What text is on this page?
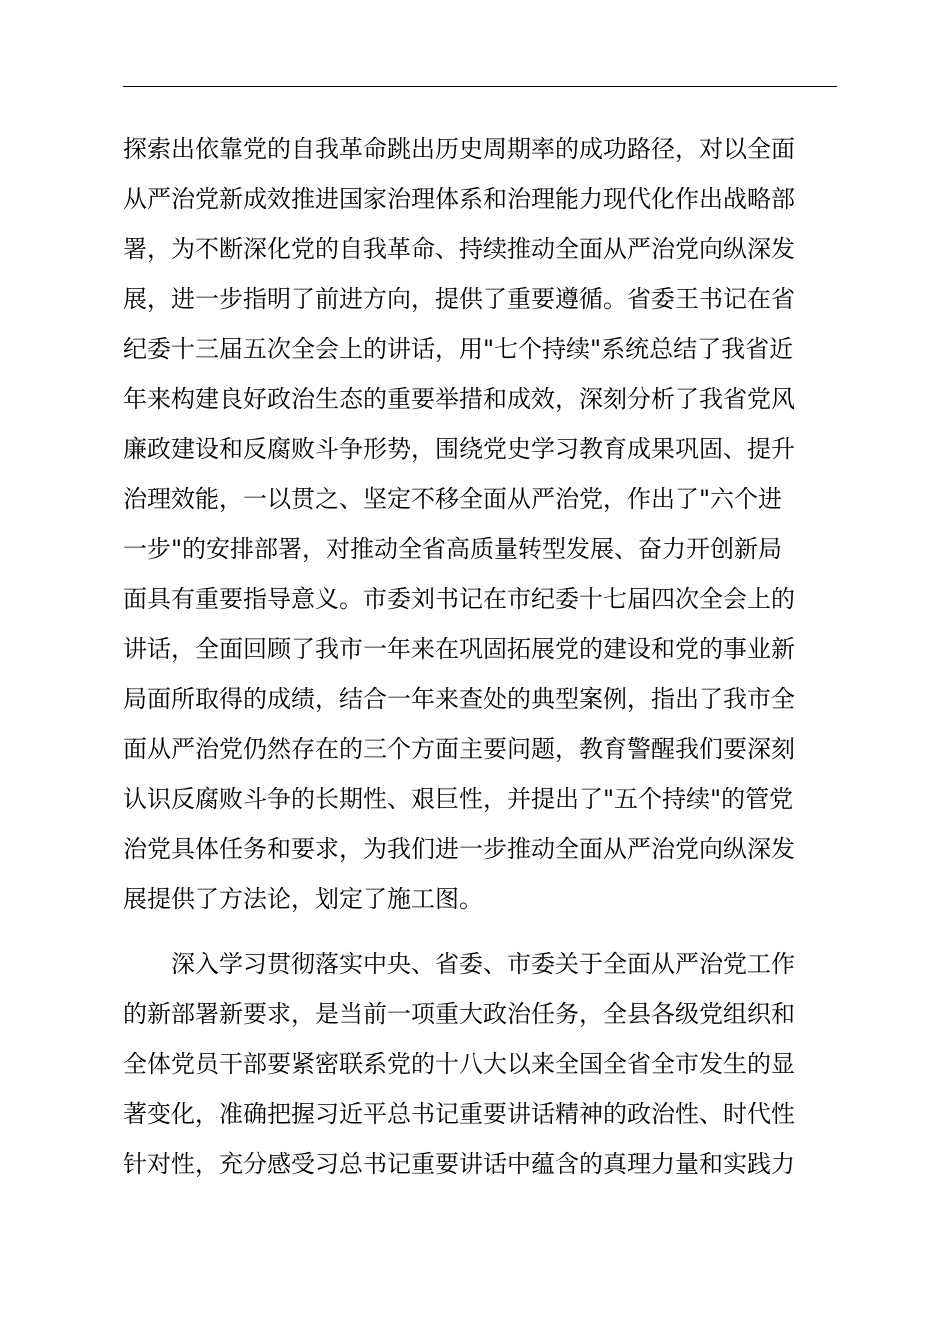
探索出依靠党的自我革命跳出历史周期率的成功路径，对以全面
从严治党新成效推进国家治理体系和治理能力现代化作出战略部
署，为不断深化党的自我革命、持续推动全面从严治党向纵深发
展，进一步指明了前进方向，提供了重要遵循。省委王书记在省
纪委十三届五次全会上的讲话，用"七个持续"系统总结了我省近
年来构建良好政治生态的重要举措和成效，深刻分析了我省党风
廉政建设和反腐败斗争形势，围绕党史学习教育成果巩固、提升
治理效能，一以贯之、坚定不移全面从严治党，作出了"六个进
一步"的安排部署，对推动全省高质量转型发展、奋力开创新局
面具有重要指导意义。市委刘书记在市纪委十七届四次全会上的
讲话，全面回顾了我市一年来在巩固拓展党的建设和党的事业新
局面所取得的成绩，结合一年来查处的典型案例，指出了我市全
面从严治党仍然存在的三个方面主要问题，教育警醒我们要深刻
认识反腐败斗争的长期性、艰巨性，并提出了"五个持续"的管党
治党具体任务和要求，为我们进一步推动全面从严治党向纵深发
展提供了方法论，划定了施工图。
深入学习贯彻落实中央、省委、市委关于全面从严治党工作
的新部署新要求，是当前一项重大政治任务，全县各级党组织和
全体党员干部要紧密联系党的十八大以来全国全省全市发生的显
著变化，准确把握习近平总书记重要讲话精神的政治性、时代性
针对性，充分感受习总书记重要讲话中蕴含的真理力量和实践力
